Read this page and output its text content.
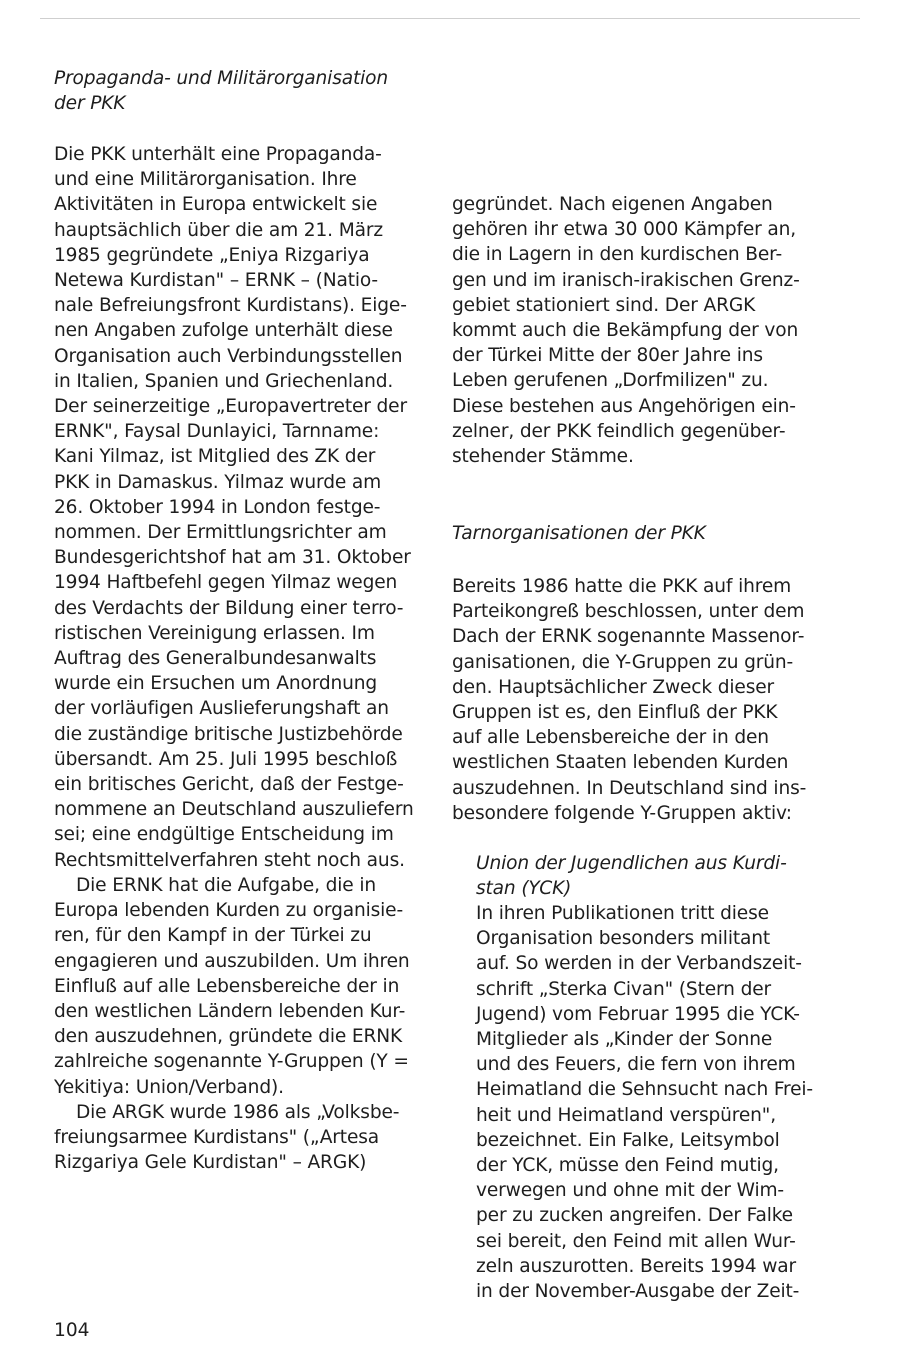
Propaganda- und Militärorganisation
der PKK
Die PKK unterhält eine Propaganda-
und eine Militärorganisation. Ihre
Aktivitäten in Europa entwickelt sie
hauptsächlich über die am 21. März
1985 gegründete „Eniya Rizgariya
Netewa Kurdistan" – ERNK – (Natio-
nale Befreiungsfront Kurdistans). Eige-
nen Angaben zufolge unterhält diese
Organisation auch Verbindungsstellen
in Italien, Spanien und Griechenland.
Der seinerzeitige „Europavertreter der
ERNK", Faysal Dunlayici, Tarnname:
Kani Yilmaz, ist Mitglied des ZK der
PKK in Damaskus. Yilmaz wurde am
26. Oktober 1994 in London festge-
nommen. Der Ermittlungsrichter am
Bundesgerichtshof hat am 31. Oktober
1994 Haftbefehl gegen Yilmaz wegen
des Verdachts der Bildung einer terro-
ristischen Vereinigung erlassen. Im
Auftrag des Generalbundesanwalts
wurde ein Ersuchen um Anordnung
der vorläufigen Auslieferungshaft an
die zuständige britische Justizbehörde
übersandt. Am 25. Juli 1995 beschloß
ein britisches Gericht, daß der Festge-
nommene an Deutschland auszuliefern
sei; eine endgültige Entscheidung im
Rechtsmittelverfahren steht noch aus.
Die ERNK hat die Aufgabe, die in
Europa lebenden Kurden zu organisie-
ren, für den Kampf in der Türkei zu
engagieren und auszubilden. Um ihren
Einfluß auf alle Lebensbereiche der in
den westlichen Ländern lebenden Kur-
den auszudehnen, gründete die ERNK
zahlreiche sogenannte Y-Gruppen (Y =
Yekitiya: Union/Verband).
Die ARGK wurde 1986 als „Volksbe-
freiungsarmee Kurdistans" („Artesa
Rizgariya Gele Kurdistan" – ARGK)
gegründet. Nach eigenen Angaben
gehören ihr etwa 30 000 Kämpfer an,
die in Lagern in den kurdischen Ber-
gen und im iranisch-irakischen Grenz-
gebiet stationiert sind. Der ARGK
kommt auch die Bekämpfung der von
der Türkei Mitte der 80er Jahre ins
Leben gerufenen „Dorfmilizen" zu.
Diese bestehen aus Angehörigen ein-
zelner, der PKK feindlich gegenüber-
stehender Stämme.
Tarnorganisationen der PKK
Bereits 1986 hatte die PKK auf ihrem
Parteikongreß beschlossen, unter dem
Dach der ERNK sogenannte Massenor-
ganisationen, die Y-Gruppen zu grün-
den. Hauptsächlicher Zweck dieser
Gruppen ist es, den Einfluß der PKK
auf alle Lebensbereiche der in den
westlichen Staaten lebenden Kurden
auszudehnen. In Deutschland sind ins-
besondere folgende Y-Gruppen aktiv:
Union der Jugendlichen aus Kurdi-
stan (YCK)
In ihren Publikationen tritt diese
Organisation besonders militant
auf. So werden in der Verbandszeit-
schrift „Sterka Civan" (Stern der
Jugend) vom Februar 1995 die YCK-
Mitglieder als „Kinder der Sonne
und des Feuers, die fern von ihrem
Heimatland die Sehnsucht nach Frei-
heit und Heimatland verspüren",
bezeichnet. Ein Falke, Leitsymbol
der YCK, müsse den Feind mutig,
verwegen und ohne mit der Wim-
per zu zucken angreifen. Der Falke
sei bereit, den Feind mit allen Wur-
zeln auszurotten. Bereits 1994 war
in der November-Ausgabe der Zeit-
104
